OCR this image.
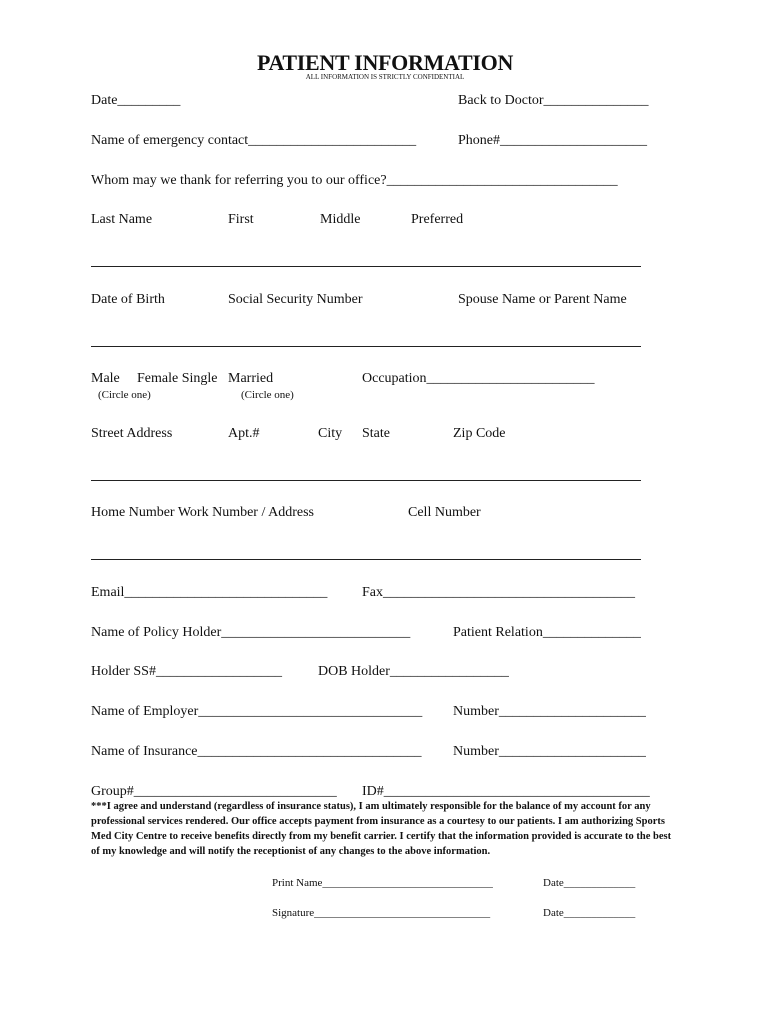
PATIENT INFORMATION
ALL INFORMATION IS STRICTLY CONFIDENTIAL
Date_________	Back to Doctor_______________
Name of emergency contact________________________	Phone#_____________________
Whom may we thank for referring you to our office?_________________________________
Last Name	First	Middle	Preferred
Date of Birth	Social Security Number	Spouse Name or Parent Name
Male Female Single Married	Occupation________________________
(Circle one)	(Circle one)
Street Address	Apt.#	City State	Zip Code
Home Number Work Number / Address	Cell Number
Email_____________________________ Fax____________________________________
Name of Policy Holder___________________________	Patient Relation______________
Holder SS#__________________	DOB Holder_________________
Name of Employer________________________________ Number_____________________
Name of Insurance________________________________ Number_____________________
Group#_____________________________ ID#______________________________________
***I agree and understand (regardless of insurance status), I am ultimately responsible for the balance of my account for any professional services rendered. Our office accepts payment from insurance as a courtesy to our patients. I am authorizing Sports Med City Centre to receive benefits directly from my benefit carrier. I certify that the information provided is accurate to the best of my knowledge and will notify the receptionist of any changes to the above information.
Print Name_______________________________	Date_____________
Signature________________________________	Date_____________
